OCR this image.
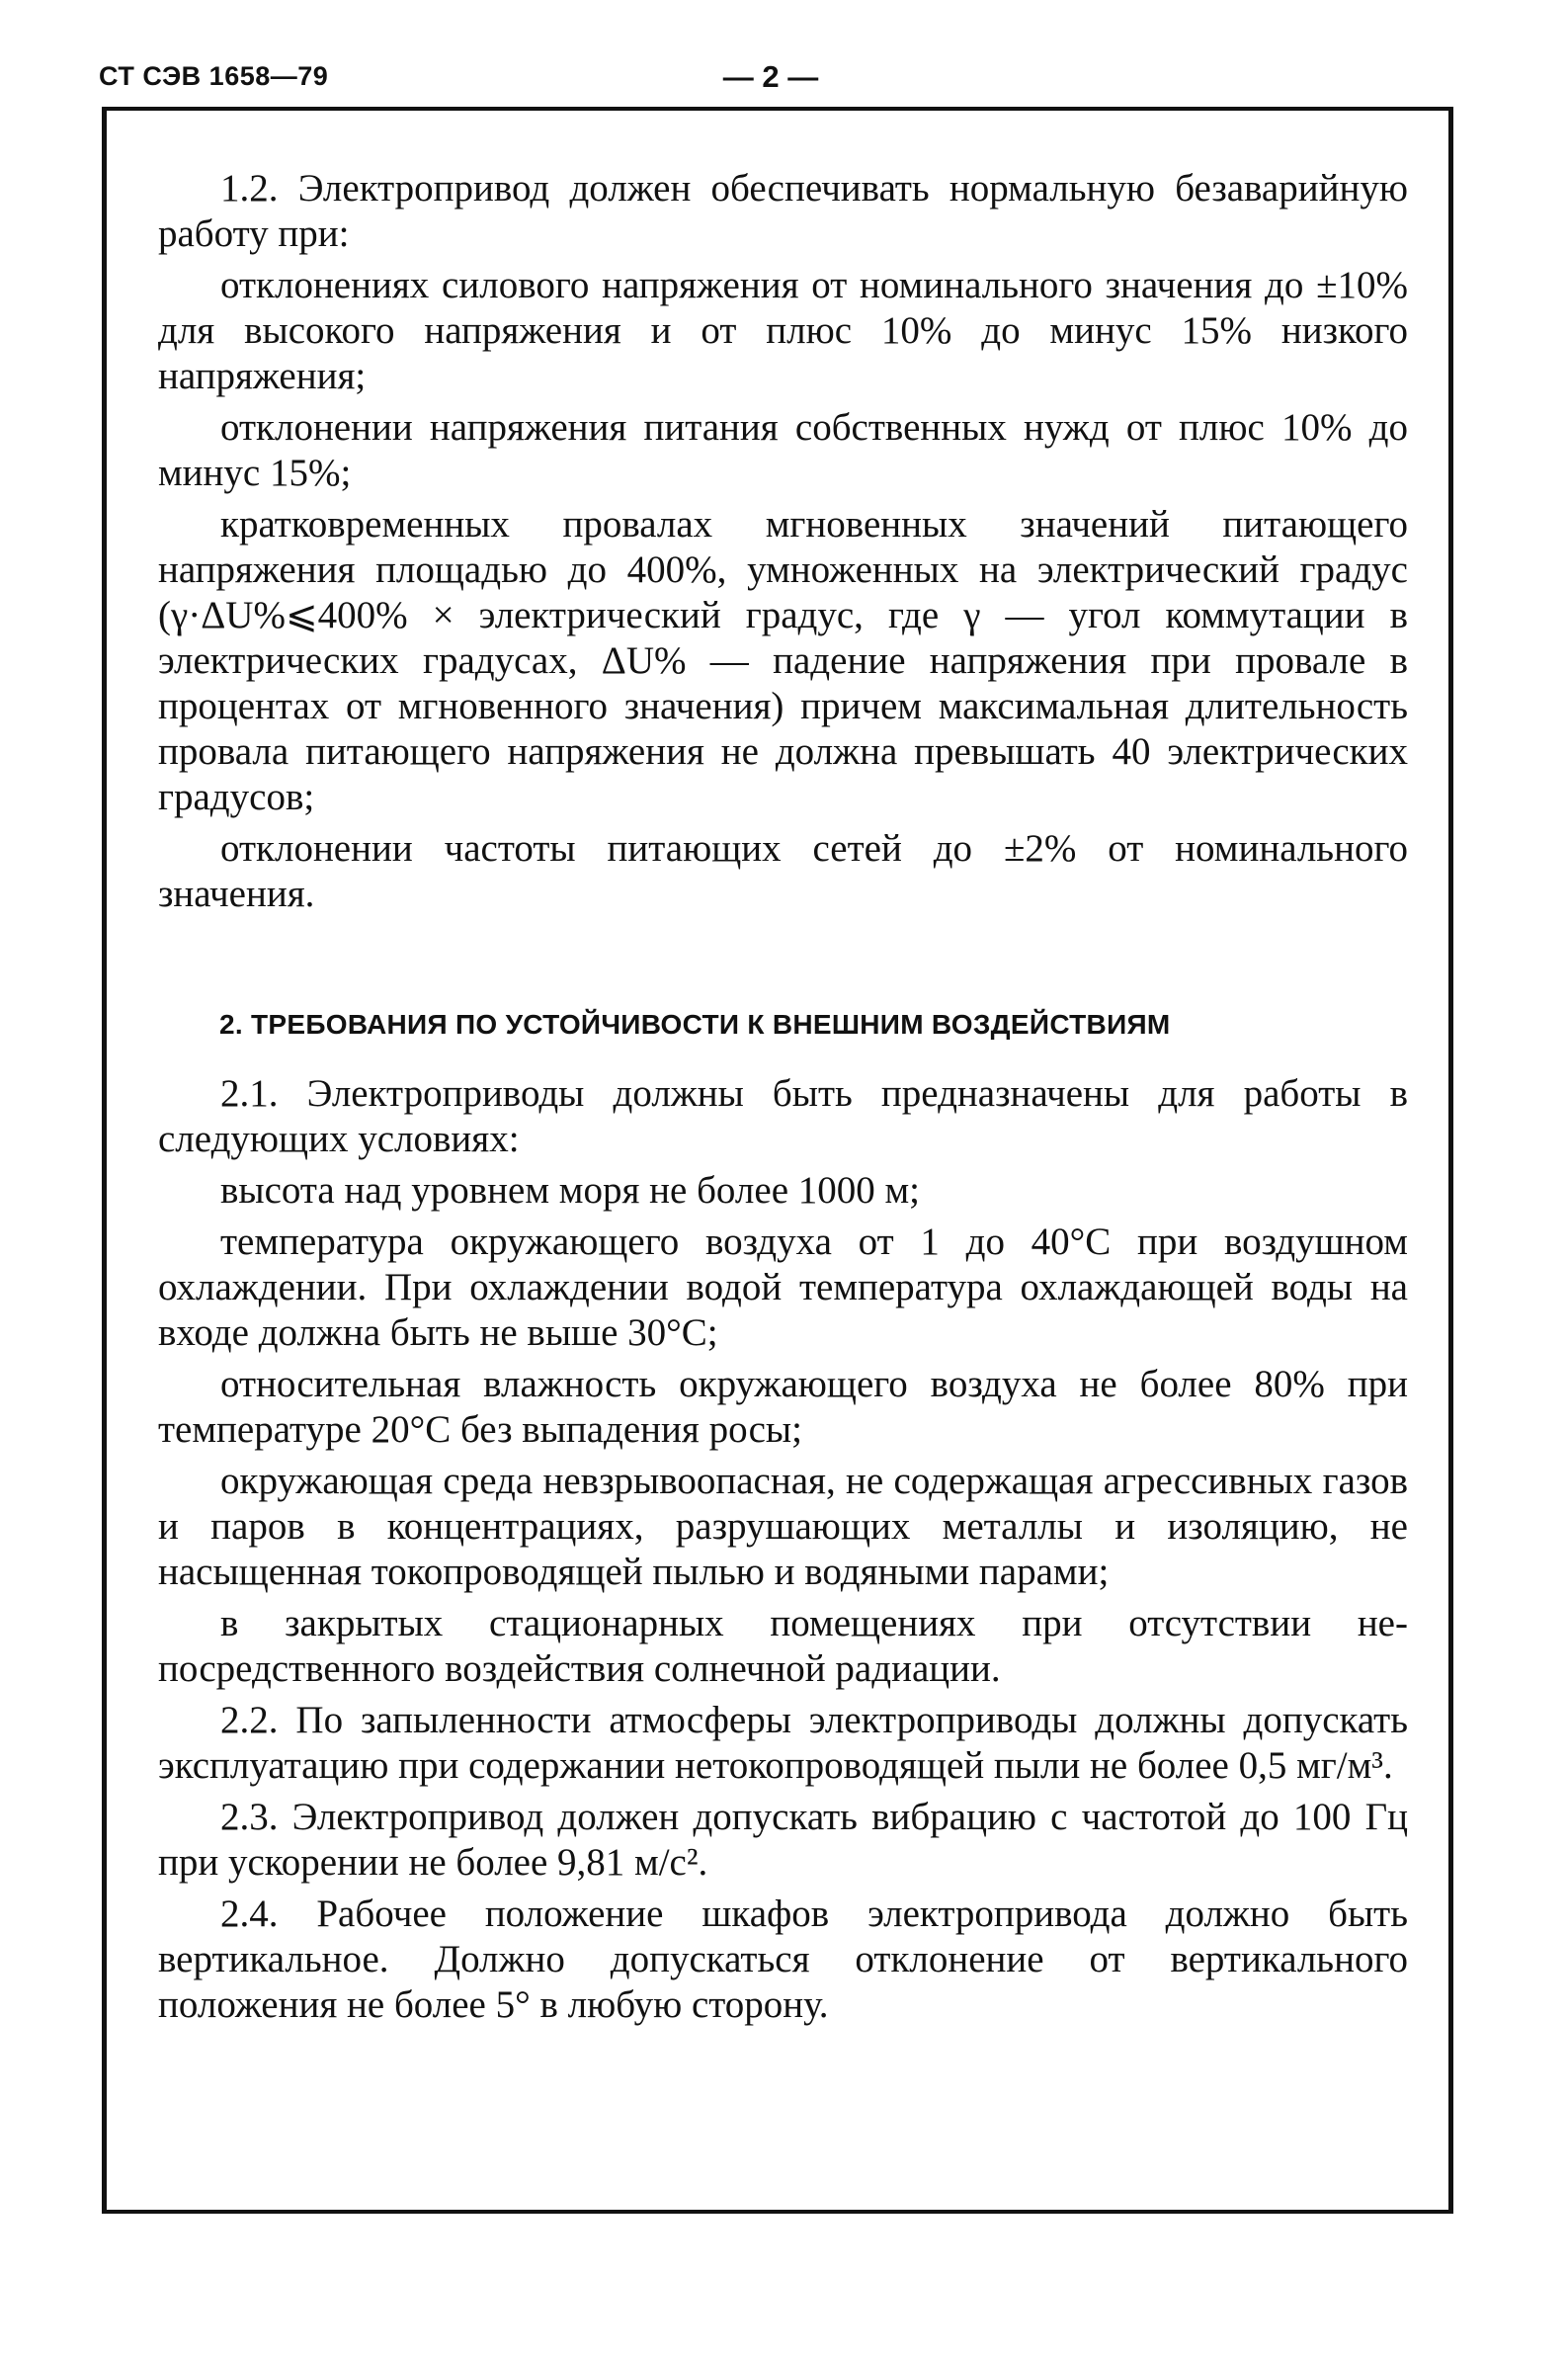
СТ СЭВ 1658—79	— 2 —

1.2. Электропривод должен обеспечивать нормальную безаварийную работу при:

отклонениях силового напряжения от номинального значения до ±10% для высокого напряжения и от плюс 10% до минус 15% низкого напряжения;

отклонении напряжения питания собственных нужд от плюс 10% до минус 15%;

кратковременных провалах мгновенных значений питающего напряжения площадью до 400%, умноженных на электрический градус (γ·ΔU%⩽400% × электрический градус, где γ — угол коммутации в электрических градусах, ΔU% — падение напряжения при провале в процентах от мгновенного значения) причем максимальная длительность провала питающего напряжения не должна превышать 40 электрических градусов;

отклонении частоты питающих сетей до ±2% от номинального значения.

2. ТРЕБОВАНИЯ ПО УСТОЙЧИВОСТИ К ВНЕШНИМ ВОЗДЕЙСТВИЯМ

2.1. Электроприводы должны быть предназначены для работы в следующих условиях:

высота над уровнем моря не более 1000 м;

температура окружающего воздуха от 1 до 40°С при воздушном охлаждении. При охлаждении водой температура охлаждающей воды на входе должна быть не выше 30°С;

относительная влажность окружающего воздуха не более 80% при температуре 20°С без выпадения росы;

окружающая среда невзрывоопасная, не содержащая агрессивных газов и паров в концентрациях, разрушающих металлы и изоляцию, не насыщенная токопроводящей пылью и водяными парами;

в закрытых стационарных помещениях при отсутствии непосредственного воздействия солнечной радиации.

2.2. По запыленности атмосферы электроприводы должны допускать эксплуатацию при содержании нетокопроводящей пыли не более 0,5 мг/м³.

2.3. Электропривод должен допускать вибрацию с частотой до 100 Гц при ускорении не более 9,81 м/с².

2.4. Рабочее положение шкафов электропривода должно быть вертикальное. Должно допускаться отклонение от вертикального положения не более 5° в любую сторону.
